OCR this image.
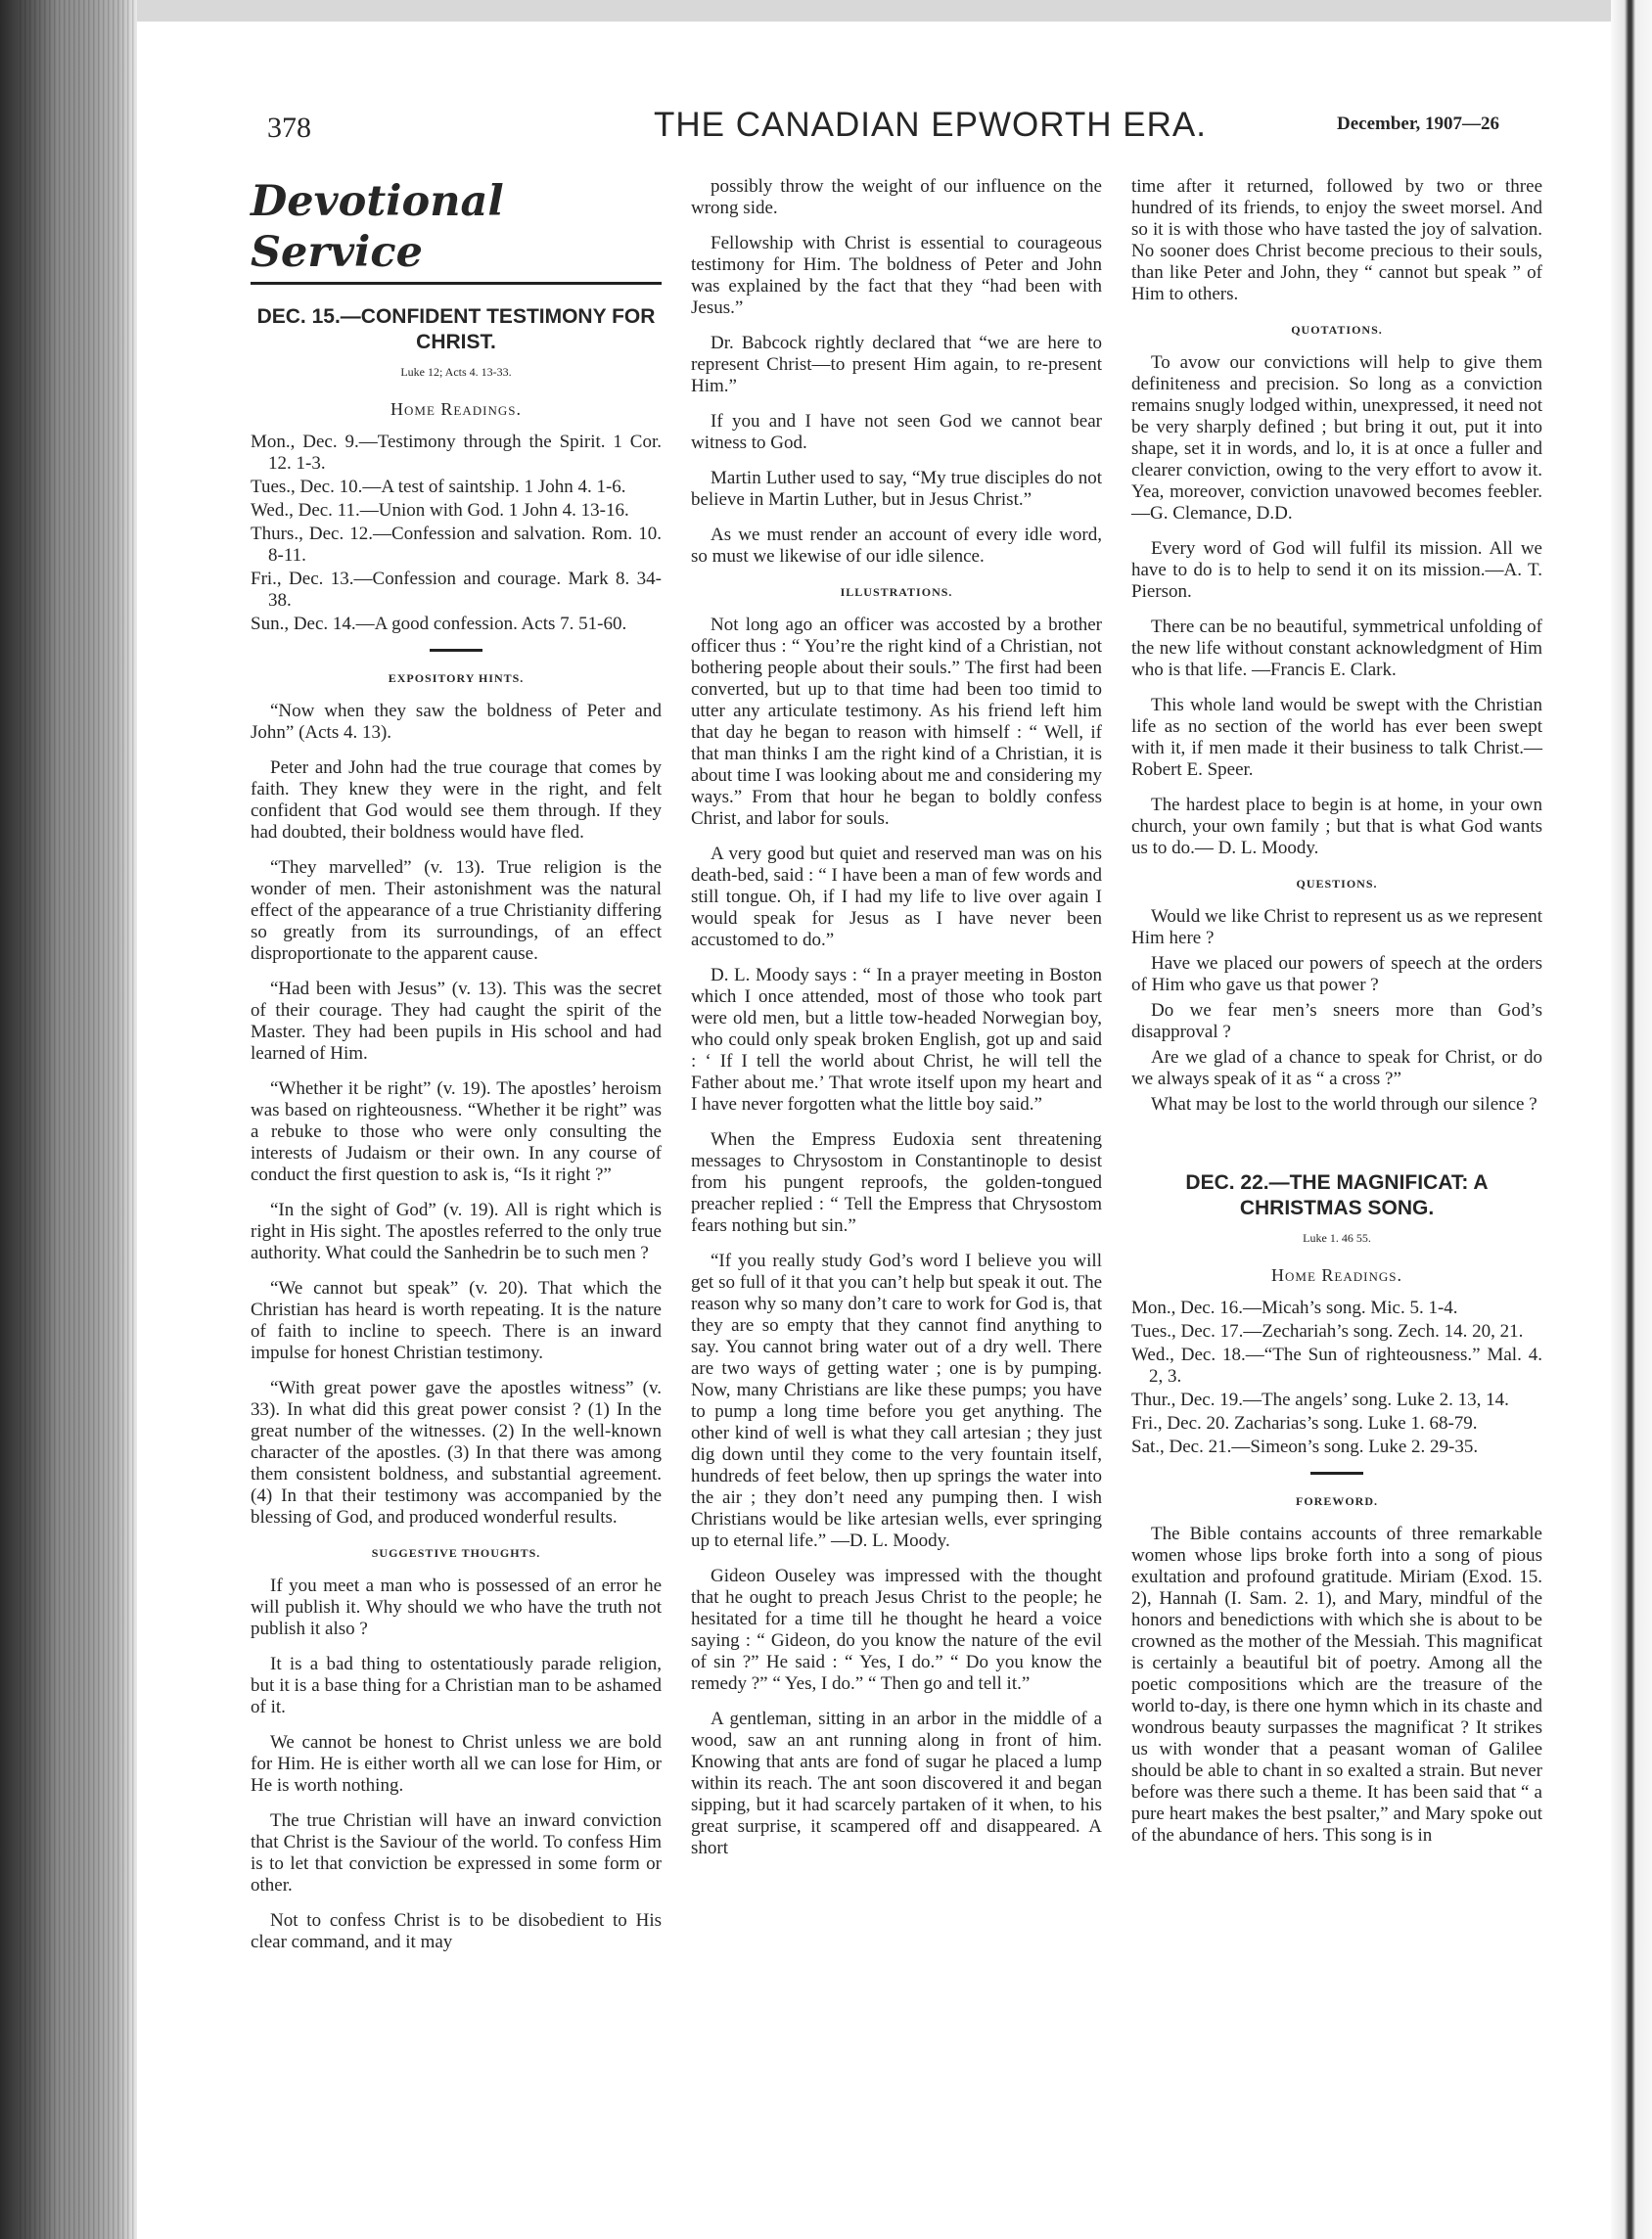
378	THE CANADIAN EPWORTH ERA.	December, 1907—26
Devotional Service
DEC. 15.—CONFIDENT TESTIMONY FOR CHRIST.
Luke 12; Acts 4. 13-33.
Home Readings.
Mon., Dec. 9.—Testimony through the Spirit. 1 Cor. 12. 1-3.
Tues., Dec. 10.—A test of saintship. 1 John 4. 1-6.
Wed., Dec. 11.—Union with God. 1 John 4. 13-16.
Thurs., Dec. 12.—Confession and salvation. Rom. 10. 8-11.
Fri., Dec. 13.—Confession and courage. Mark 8. 34-38.
Sun., Dec. 14.—A good confession. Acts 7. 51-60.
EXPOSITORY HINTS.

“Now when they saw the boldness of Peter and John” (Acts 4. 13).

Peter and John had the true courage that comes by faith. They knew they were in the right, and felt confident that God would see them through. If they had doubted, their boldness would have fled.

“They marvelled” (v. 13). True religion is the wonder of men. Their astonishment was the natural effect of the appearance of a true Christianity differing so greatly from its surroundings, of an effect disproportionate to the apparent cause.

“Had been with Jesus” (v. 13). This was the secret of their courage. They had caught the spirit of the Master. They had been pupils in His school and had learned of Him.

“Whether it be right” (v. 19). The apostles’ heroism was based on righteousness. “Whether it be right” was a rebuke to those who were only consulting the interests of Judaism or their own. In any course of conduct the first question to ask is, “Is it right ?”

“In the sight of God” (v. 19). All is right which is right in His sight. The apostles referred to the only true authority. What could the Sanhedrin be to such men ?

“We cannot but speak” (v. 20). That which the Christian has heard is worth repeating. It is the nature of faith to incline to speech. There is an inward impulse for honest Christian testimony.

“With great power gave the apostles witness” (v. 33). In what did this great power consist ? (1) In the great number of the witnesses. (2) In the well-known character of the apostles. (3) In that there was among them consistent boldness, and substantial agreement. (4) In that their testimony was accompanied by the blessing of God, and produced wonderful results.

SUGGESTIVE THOUGHTS.

If you meet a man who is possessed of an error he will publish it. Why should we who have the truth not publish it also ?

It is a bad thing to ostentatiously parade religion, but it is a base thing for a Christian man to be ashamed of it.

We cannot be honest to Christ unless we are bold for Him. He is either worth all we can lose for Him, or He is worth nothing.

The true Christian will have an inward conviction that Christ is the Saviour of the world. To confess Him is to let that conviction be expressed in some form or other.

Not to confess Christ is to be disobedient to His clear command, and it may

possibly throw the weight of our influence on the wrong side.

Fellowship with Christ is essential to courageous testimony for Him. The boldness of Peter and John was explained by the fact that they “had been with Jesus.”

Dr. Babcock rightly declared that “we are here to represent Christ—to present Him again, to re-present Him.”

If you and I have not seen God we cannot bear witness to God.

Martin Luther used to say, “My true disciples do not believe in Martin Luther, but in Jesus Christ.”

As we must render an account of every idle word, so must we likewise of our idle silence.

ILLUSTRATIONS.

Not long ago an officer was accosted by a brother officer thus : “ You’re the right kind of a Christian, not bothering people about their souls.” The first had been converted, but up to that time had been too timid to utter any articulate testimony. As his friend left him that day he began to reason with himself : “ Well, if that man thinks I am the right kind of a Christian, it is about time I was looking about me and considering my ways.” From that hour he began to boldly confess Christ, and labor for souls.

A very good but quiet and reserved man was on his death-bed, said : “ I have been a man of few words and still tongue. Oh, if I had my life to live over again I would speak for Jesus as I have never been accustomed to do.”

D. L. Moody says : “ In a prayer meeting in Boston which I once attended, most of those who took part were old men, but a little tow-headed Norwegian boy, who could only speak broken English, got up and said : ‘ If I tell the world about Christ, he will tell the Father about me.’ That wrote itself upon my heart and I have never forgotten what the little boy said.”

When the Empress Eudoxia sent threatening messages to Chrysostom in Constantinople to desist from his pungent reproofs, the golden-tongued preacher replied : “ Tell the Empress that Chrysostom fears nothing but sin.”

“If you really study God’s word I believe you will get so full of it that you can’t help but speak it out. The reason why so many don’t care to work for God is, that they are so empty that they cannot find anything to say. You cannot bring water out of a dry well. There are two ways of getting water ; one is by pumping. Now, many Christians are like these pumps; you have to pump a long time before you get anything. The other kind of well is what they call artesian ; they just dig down until they come to the very fountain itself, hundreds of feet below, then up springs the water into the air ; they don’t need any pumping then. I wish Christians would be like artesian wells, ever springing up to eternal life.” —D. L. Moody.

Gideon Ouseley was impressed with the thought that he ought to preach Jesus Christ to the people; he hesitated for a time till he thought he heard a voice saying : “ Gideon, do you know the nature of the evil of sin ?” He said : “ Yes, I do.” “ Do you know the remedy ?” “ Yes, I do.” “ Then go and tell it.”

A gentleman, sitting in an arbor in the middle of a wood, saw an ant running along in front of him. Knowing that ants are fond of sugar he placed a lump within its reach. The ant soon discovered it and began sipping, but it had scarcely partaken of it when, to his great surprise, it scampered off and disappeared. A short

time after it returned, followed by two or three hundred of its friends, to enjoy the sweet morsel. And so it is with those who have tasted the joy of salvation. No sooner does Christ become precious to their souls, than like Peter and John, they “ cannot but speak ” of Him to others.

QUOTATIONS.

To avow our convictions will help to give them definiteness and precision. So long as a conviction remains snugly lodged within, unexpressed, it need not be very sharply defined ; but bring it out, put it into shape, set it in words, and lo, it is at once a fuller and clearer conviction, owing to the very effort to avow it. Yea, moreover, conviction unavowed becomes feebler.—G. Clemance, D.D.

Every word of God will fulfil its mission. All we have to do is to help to send it on its mission.—A. T. Pierson.

There can be no beautiful, symmetrical unfolding of the new life without constant acknowledgment of Him who is that life. —Francis E. Clark.

This whole land would be swept with the Christian life as no section of the world has ever been swept with it, if men made it their business to talk Christ.— Robert E. Speer.

The hardest place to begin is at home, in your own church, your own family ; but that is what God wants us to do.— D. L. Moody.

QUESTIONS.

Would we like Christ to represent us as we represent Him here ?

Have we placed our powers of speech at the orders of Him who gave us that power ?

Do we fear men’s sneers more than God’s disapproval ?

Are we glad of a chance to speak for Christ, or do we always speak of it as “ a cross ?”

What may be lost to the world through our silence ?

DEC. 22.—THE MAGNIFICAT: A CHRISTMAS SONG.
Luke 1. 46 55.
Home Readings.
Mon., Dec. 16.—Micah’s song. Mic. 5. 1-4.
Tues., Dec. 17.—Zechariah’s song. Zech. 14. 20, 21.
Wed., Dec. 18.—“The Sun of righteousness.” Mal. 4. 2, 3.
Thur., Dec. 19.—The angels’ song. Luke 2. 13, 14.
Fri., Dec. 20. Zacharias’s song. Luke 1. 68-79.
Sat., Dec. 21.—Simeon’s song. Luke 2. 29-35.
FOREWORD.

The Bible contains accounts of three remarkable women whose lips broke forth into a song of pious exultation and profound gratitude. Miriam (Exod. 15. 2), Hannah (I. Sam. 2. 1), and Mary, mindful of the honors and benedictions with which she is about to be crowned as the mother of the Messiah. This magnificat is certainly a beautiful bit of poetry. Among all the poetic compositions which are the treasure of the world to-day, is there one hymn which in its chaste and wondrous beauty surpasses the magnificat ? It strikes us with wonder that a peasant woman of Galilee should be able to chant in so exalted a strain. But never before was there such a theme. It has been said that “ a pure heart makes the best psalter,” and Mary spoke out of the abundance of hers. This song is in
